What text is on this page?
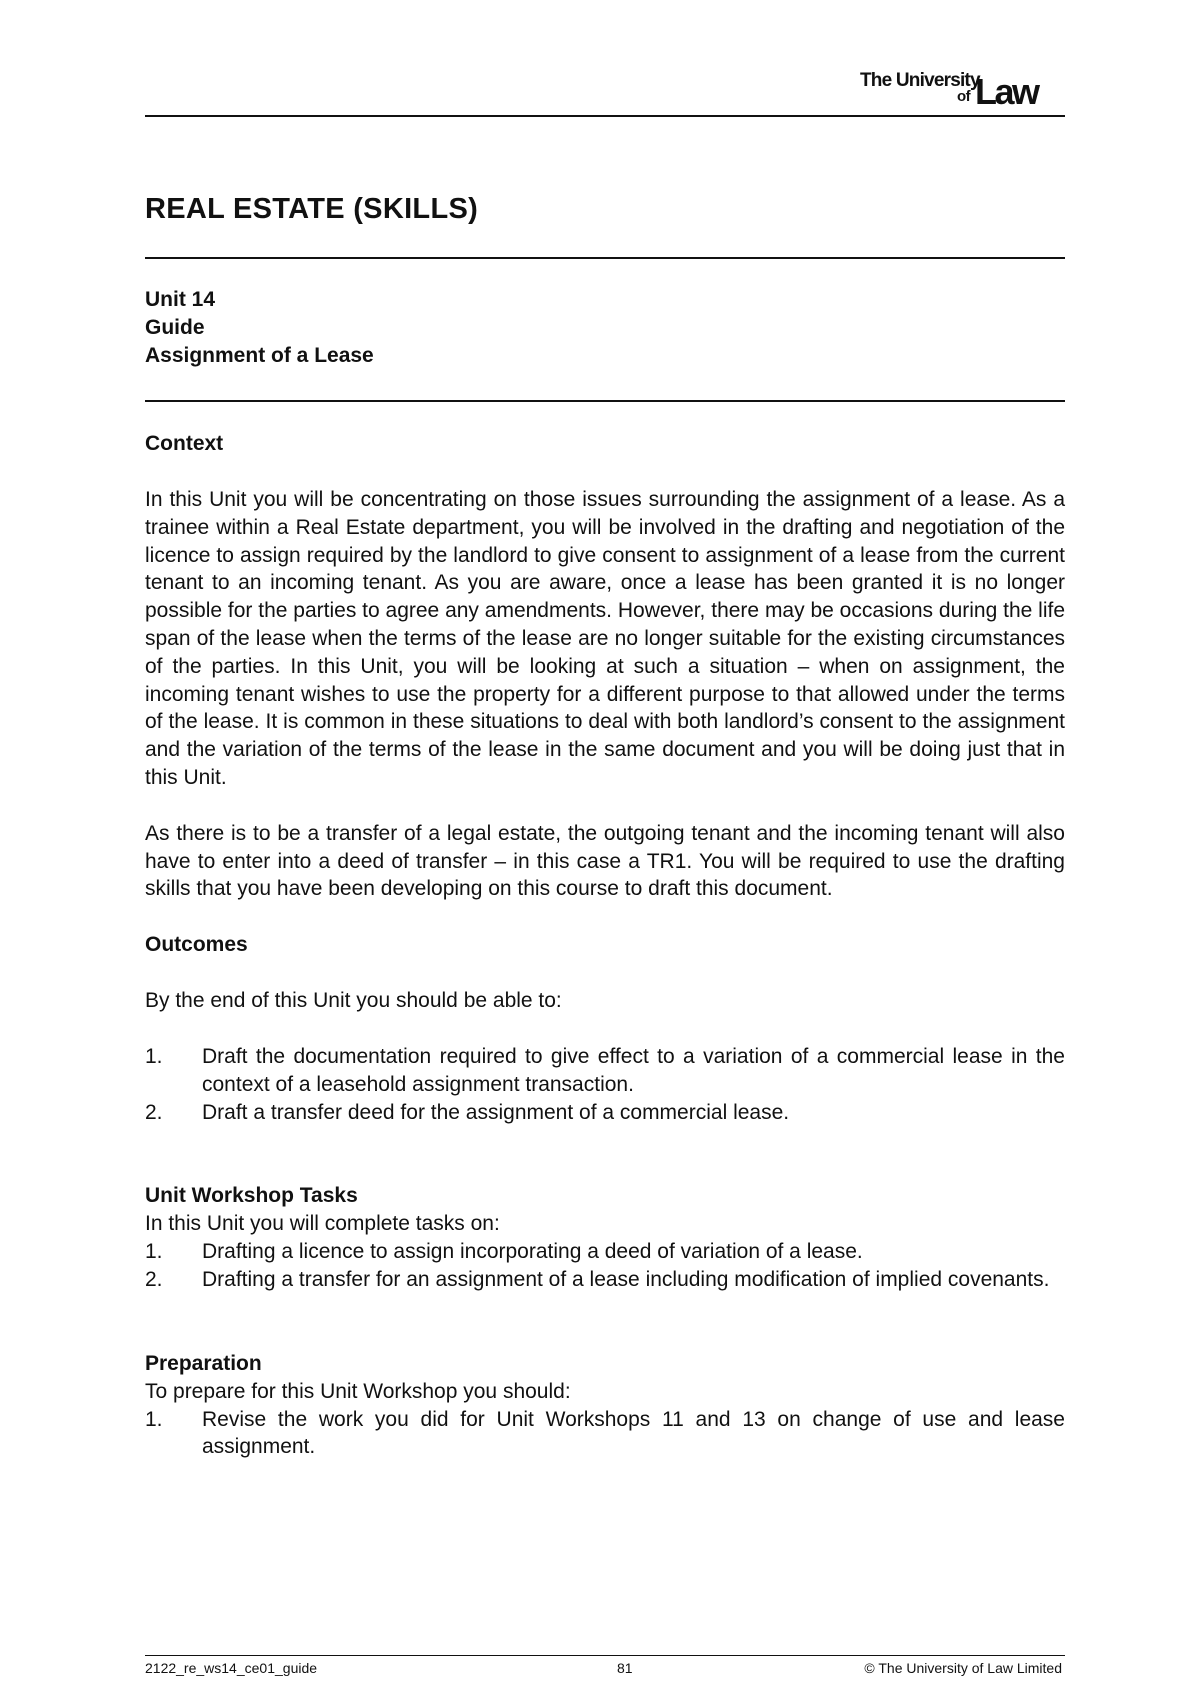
The University
of Law
REAL ESTATE (SKILLS)
Unit 14
Guide
Assignment of a Lease
Context

In this Unit you will be concentrating on those issues surrounding the assignment of a lease. As a trainee within a Real Estate department, you will be involved in the drafting and negotiation of the licence to assign required by the landlord to give consent to assignment of a lease from the current tenant to an incoming tenant. As you are aware, once a lease has been granted it is no longer possible for the parties to agree any amendments. However, there may be occasions during the life span of the lease when the terms of the lease are no longer suitable for the existing circumstances of the parties. In this Unit, you will be looking at such a situation – when on assignment, the incoming tenant wishes to use the property for a different purpose to that allowed under the terms of the lease. It is common in these situations to deal with both landlord’s consent to the assignment and the variation of the terms of the lease in the same document and you will be doing just that in this Unit.

As there is to be a transfer of a legal estate, the outgoing tenant and the incoming tenant will also have to enter into a deed of transfer – in this case a TR1. You will be required to use the drafting skills that you have been developing on this course to draft this document.

Outcomes

By the end of this Unit you should be able to:

1. Draft the documentation required to give effect to a variation of a commercial lease in the context of a leasehold assignment transaction.
2. Draft a transfer deed for the assignment of a commercial lease.
Unit Workshop Tasks

In this Unit you will complete tasks on:

1. Drafting a licence to assign incorporating a deed of variation of a lease.
2. Drafting a transfer for an assignment of a lease including modification of implied covenants.
Preparation

To prepare for this Unit Workshop you should:

1. Revise the work you did for Unit Workshops 11 and 13 on change of use and lease assignment.
2122_re_ws14_ce01_guide	81	© The University of Law Limited
